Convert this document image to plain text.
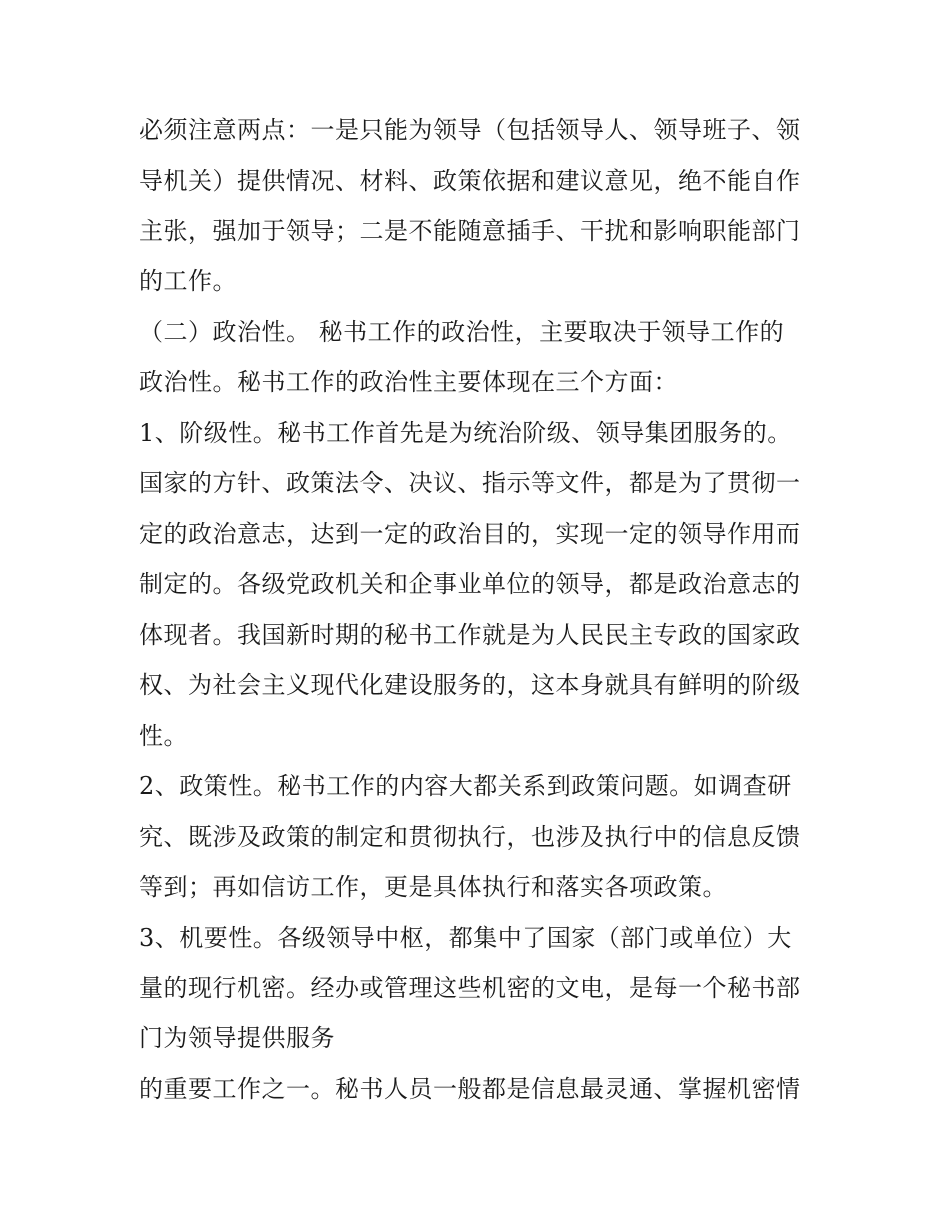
必须注意两点：一是只能为领导（包括领导人、领导班子、领
导机关）提供情况、材料、政策依据和建议意见，绝不能自作
主张，强加于领导；二是不能随意插手、干扰和影响职能部门
的工作。
（二）政治性。 秘书工作的政治性，主要取决于领导工作的
政治性。秘书工作的政治性主要体现在三个方面：
1、阶级性。秘书工作首先是为统治阶级、领导集团服务的。
国家的方针、政策法令、决议、指示等文件，都是为了贯彻一
定的政治意志，达到一定的政治目的，实现一定的领导作用而
制定的。各级党政机关和企事业单位的领导，都是政治意志的
体现者。我国新时期的秘书工作就是为人民民主专政的国家政
权、为社会主义现代化建设服务的，这本身就具有鲜明的阶级
性。
2、政策性。秘书工作的内容大都关系到政策问题。如调查研
究、既涉及政策的制定和贯彻执行，也涉及执行中的信息反馈
等到；再如信访工作，更是具体执行和落实各项政策。
3、机要性。各级领导中枢，都集中了国家（部门或单位）大
量的现行机密。经办或管理这些机密的文电，是每一个秘书部
门为领导提供服务
的重要工作之一。秘书人员一般都是信息最灵通、掌握机密情
